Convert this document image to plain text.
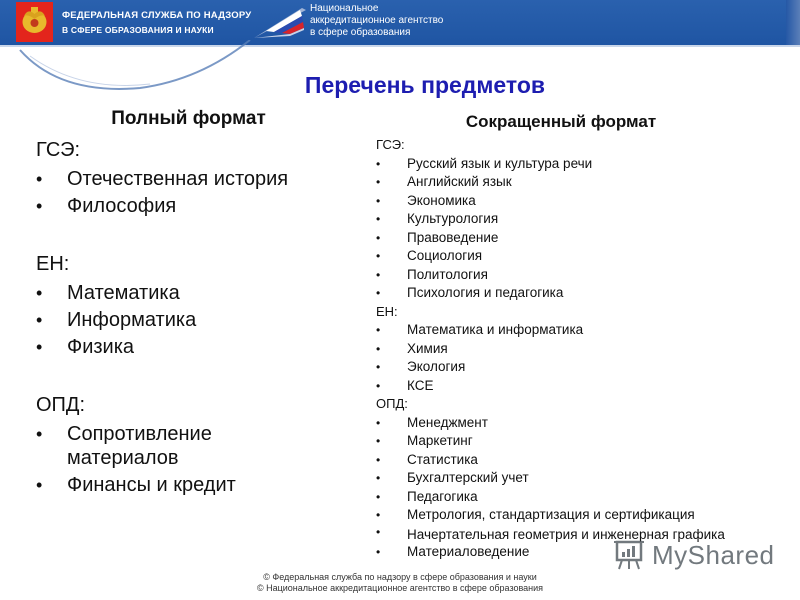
ФЕДЕРАЛЬНАЯ СЛУЖБА ПО НАДЗОРУ
В СФЕРЕ ОБРАЗОВАНИЯ И НАУКИ
Национальное
аккредитационное агентство
в сфере образования
Перечень предметов
Полный формат
ГСЭ:
• Отечественная история
• Философия
ЕН:
• Математика
• Информатика
• Физика
ОПД:
• Сопротивление материалов
• Финансы и кредит
Сокращенный формат
ГСЭ:
• Русский язык и культура речи
• Английский язык
• Экономика
• Культурология
• Правоведение
• Социология
• Политология
• Психология и педагогика
ЕН:
• Математика и информатика
• Химия
• Экология
• КСЕ
ОПД:
• Менеджмент
• Маркетинг
• Статистика
• Бухгалтерский учет
• Педагогика
• Метрология, стандартизация и сертификация
• Начертательная геометрия и инженерная графика
• Материаловедение
© Федеральная служба по надзору в сфере образования и науки
© Национальное аккредитационное агентство в сфере образования
MyShared
